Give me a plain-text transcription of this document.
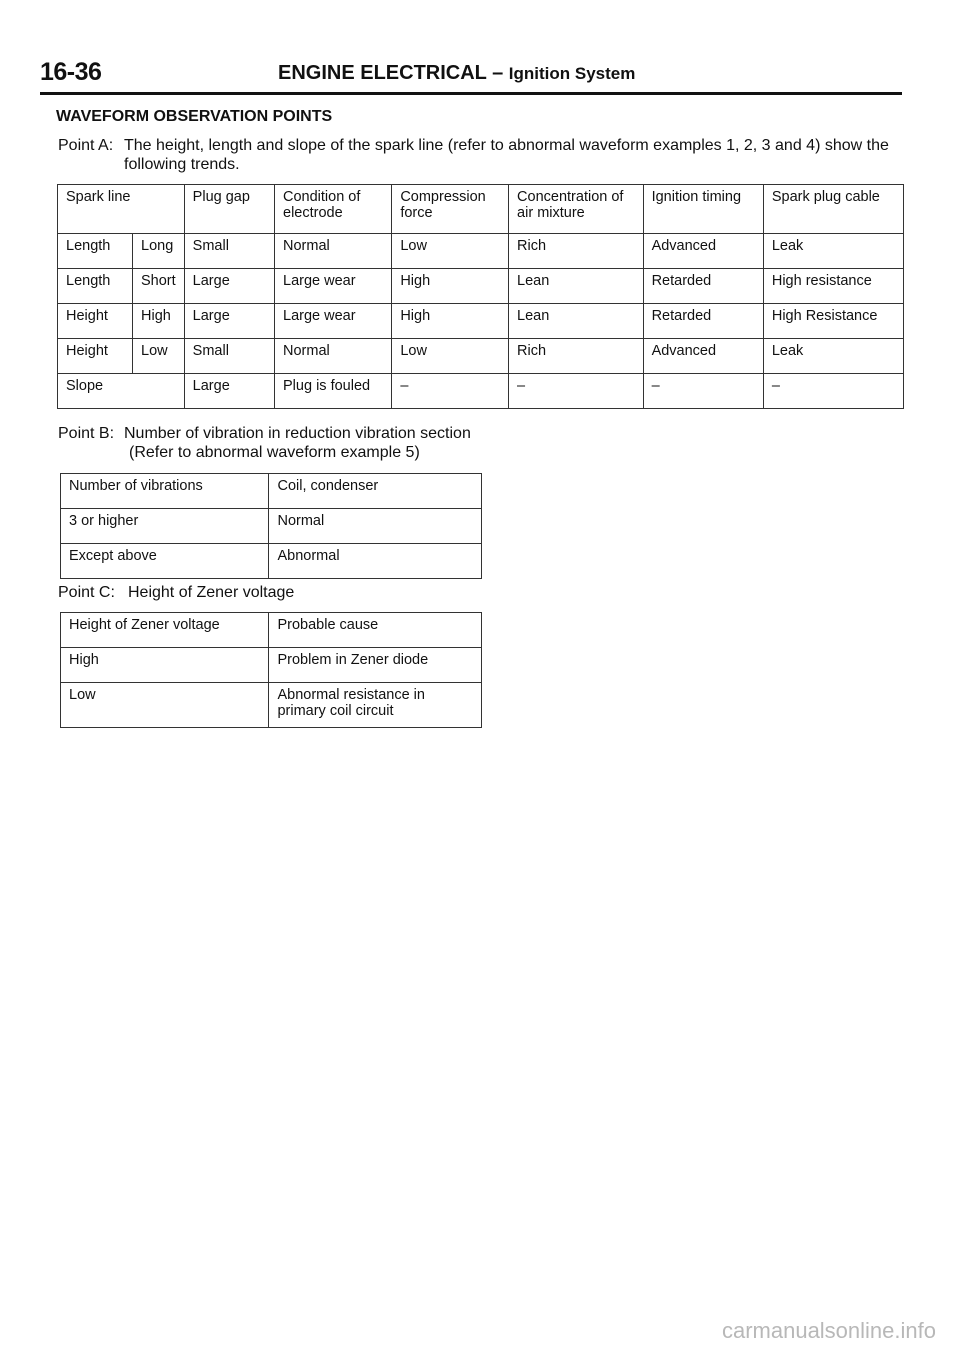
16-36	ENGINE ELECTRICAL – Ignition System
WAVEFORM OBSERVATION POINTS
Point A: The height, length and slope of the spark line (refer to abnormal waveform examples 1, 2, 3 and 4) show the following trends.
Spark line	Plug gap	Condition of electrode	Compression force	Concentration of air mixture	Ignition timing	Spark plug cable

Length Long	Small	Normal	Low	Rich	Advanced	Leak

Length Short	Large	Large wear	High	Lean	Retarded	High resistance

Height High	Large	Large wear	High	Lean	Retarded	High Resistance

Height Low	Small	Normal	Low	Rich	Advanced	Leak
Slope	Large	Plug is fouled	–	–	–	–
Point B: Number of vibration in reduction vibration section
(Refer to abnormal waveform example 5)
Number of vibrations	Coil, condenser
3 or higher	Normal
Except above	Abnormal
Point C: Height of Zener voltage
Height of Zener voltage	Probable cause
High	Problem in Zener diode
Low	Abnormal resistance in primary coil circuit
carmanualsonline.info
